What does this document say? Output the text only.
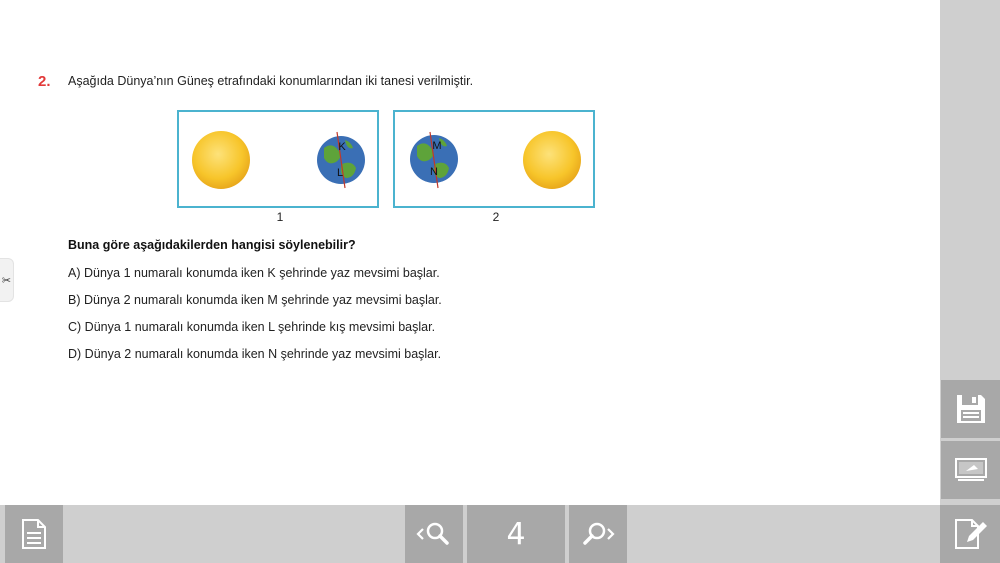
✂
2. Aşağıda Dünya’nın Güneş etrafındaki konumlarından iki tanesi verilmiştir.
K
L
M
N
1	2
Buna göre aşağıdakilerden hangisi söylenebilir?
A) Dünya 1 numaralı konumda iken K şehrinde yaz mevsimi başlar.
B) Dünya 2 numaralı konumda iken M şehrinde yaz mevsimi başlar.
C) Dünya 1 numaralı konumda iken L şehrinde kış mevsimi başlar.
D) Dünya 2 numaralı konumda iken N şehrinde yaz mevsimi başlar.
4
